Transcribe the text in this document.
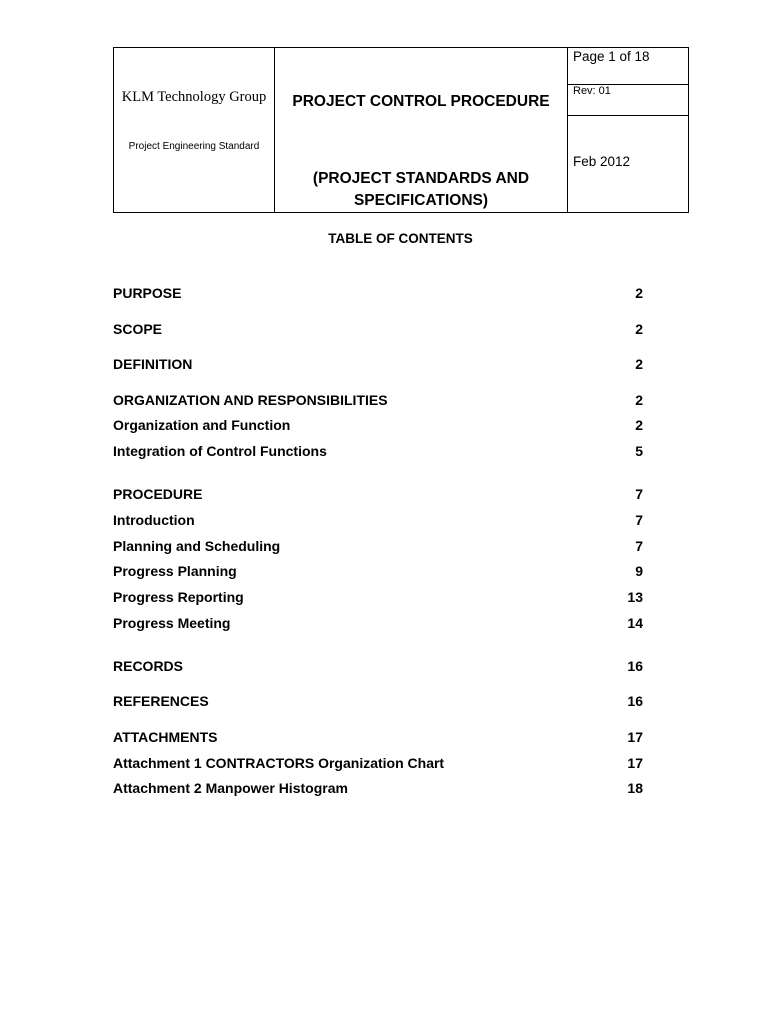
KLM Technology Group
Project Engineering Standard
PROJECT CONTROL PROCEDURE
(PROJECT STANDARDS AND SPECIFICATIONS)
Page 1 of 18
Rev: 01
Feb 2012
TABLE OF CONTENTS
PURPOSE	2
SCOPE	2
DEFINITION	2
ORGANIZATION AND RESPONSIBILITIES	2
Organization and Function	2
Integration of Control Functions	5
PROCEDURE	7
Introduction	7
Planning and Scheduling	7
Progress Planning	9
Progress Reporting	13
Progress Meeting	14
RECORDS	16
REFERENCES	16
ATTACHMENTS	17
Attachment 1 CONTRACTORS Organization Chart	17
Attachment 2 Manpower Histogram	18
